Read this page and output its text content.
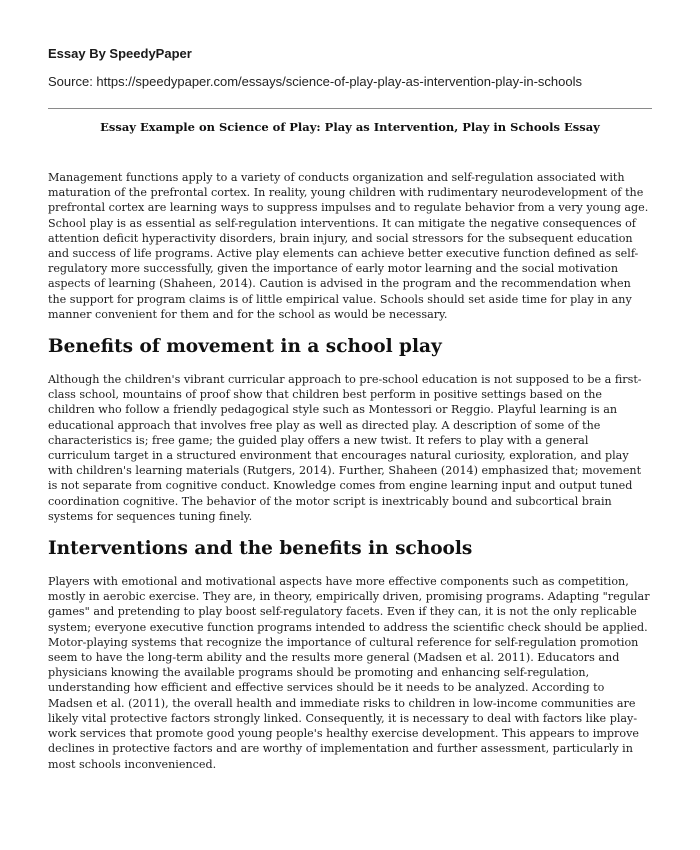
Essay By SpeedyPaper
Source: https://speedypaper.com/essays/science-of-play-play-as-intervention-play-in-schools
Essay Example on Science of Play: Play as Intervention, Play in Schools Essay

Management functions apply to a variety of conducts organization and self-regulation associated with maturation of the prefrontal cortex. In reality, young children with rudimentary neurodevelopment of the prefrontal cortex are learning ways to suppress impulses and to regulate behavior from a very young age. School play is as essential as self-regulation interventions. It can mitigate the negative consequences of attention deficit hyperactivity disorders, brain injury, and social stressors for the subsequent education and success of life programs. Active play elements can achieve better executive function defined as self-regulatory more successfully, given the importance of early motor learning and the social motivation aspects of learning (Shaheen, 2014). Caution is advised in the program and the recommendation when the support for program claims is of little empirical value. Schools should set aside time for play in any manner convenient for them and for the school as would be necessary.

Benefits of movement in a school play

Although the children's vibrant curricular approach to pre-school education is not supposed to be a first-class school, mountains of proof show that children best perform in positive settings based on the children who follow a friendly pedagogical style such as Montessori or Reggio. Playful learning is an educational approach that involves free play as well as directed play. A description of some of the characteristics is; free game; the guided play offers a new twist. It refers to play with a general curriculum target in a structured environment that encourages natural curiosity, exploration, and play with children's learning materials (Rutgers, 2014). Further, Shaheen (2014) emphasized that; movement is not separate from cognitive conduct. Knowledge comes from engine learning input and output tuned coordination cognitive. The behavior of the motor script is inextricably bound and subcortical brain systems for sequences tuning finely.

Interventions and the benefits in schools

Players with emotional and motivational aspects have more effective components such as competition, mostly in aerobic exercise. They are, in theory, empirically driven, promising programs. Adapting "regular games" and pretending to play boost self-regulatory facets. Even if they can, it is not the only replicable system; everyone executive function programs intended to address the scientific check should be applied. Motor-playing systems that recognize the importance of cultural reference for self-regulation promotion seem to have the long-term ability and the results more general (Madsen et al. 2011). Educators and physicians knowing the available programs should be promoting and enhancing self-regulation, understanding how efficient and effective services should be it needs to be analyzed. According to Madsen et al. (2011), the overall health and immediate risks to children in low-income communities are likely vital protective factors strongly linked. Consequently, it is necessary to deal with factors like play-work services that promote good young people's healthy exercise development. This appears to improve declines in protective factors and are worthy of implementation and further assessment, particularly in most schools inconvenienced.
